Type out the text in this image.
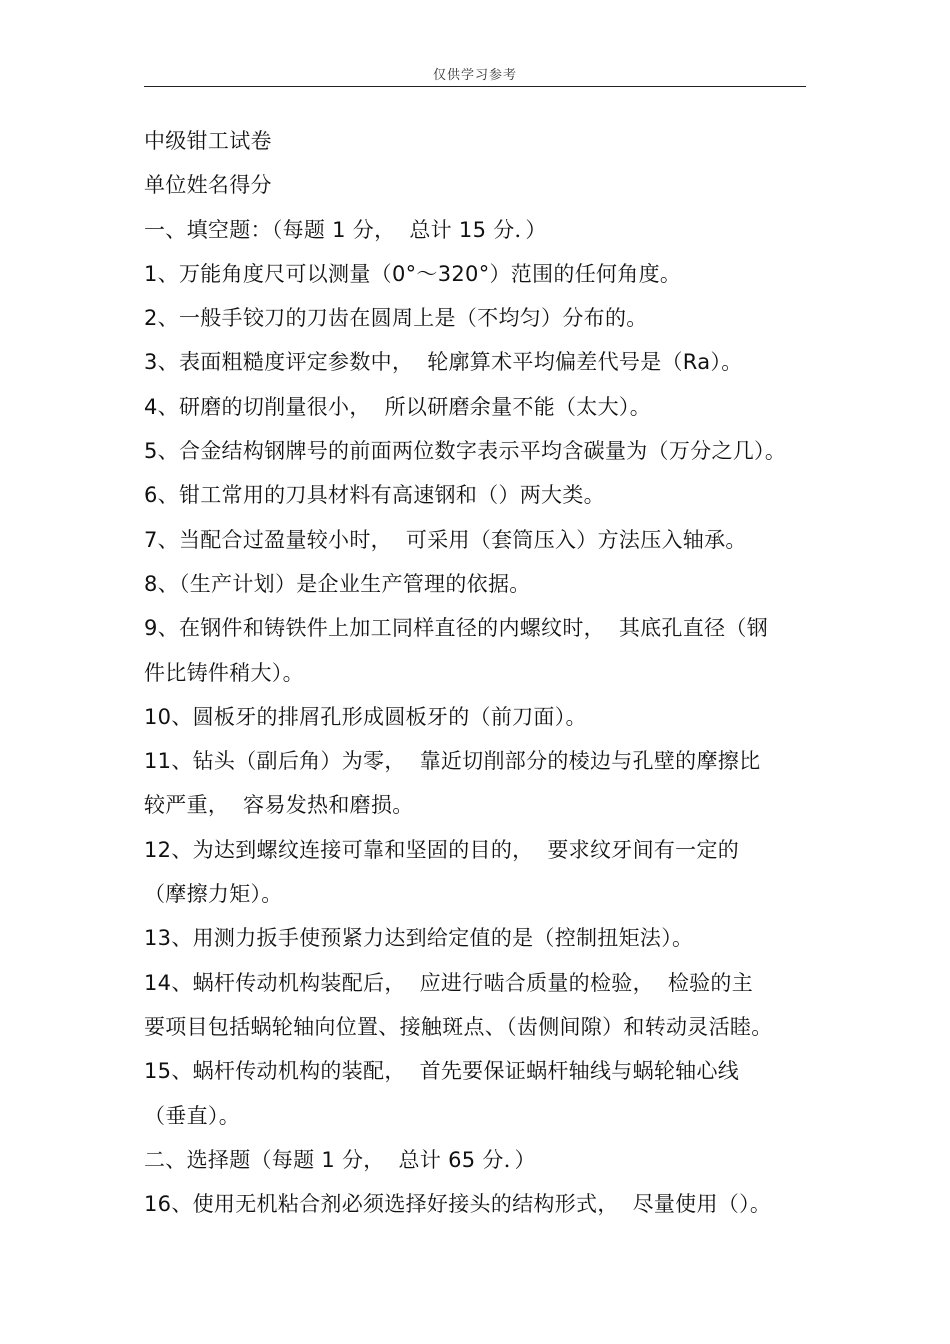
仅供学习参考
中级钳工试卷
单位姓名得分
一、填空题：（每题 1 分，  总计 15 分．）
1、万能角度尺可以测量（0°～320°）范围的任何角度。
2、一般手铰刀的刀齿在圆周上是（不均匀）分布的。
3、表面粗糙度评定参数中，  轮廓算术平均偏差代号是（Ra）。
4、研磨的切削量很小，  所以研磨余量不能（太大）。
5、合金结构钢牌号的前面两位数字表示平均含碳量为（万分之几）。
6、钳工常用的刀具材料有高速钢和（）两大类。
7、当配合过盈量较小时，  可采用（套筒压入）方法压入轴承。
8、（生产计划）是企业生产管理的依据。
9、在钢件和铸铁件上加工同样直径的内螺纹时，  其底孔直径（钢
件比铸件稍大）。
10、圆板牙的排屑孔形成圆板牙的（前刀面）。
11、钻头（副后角）为零，  靠近切削部分的棱边与孔壁的摩擦比
较严重，  容易发热和磨损。
12、为达到螺纹连接可靠和坚固的目的，  要求纹牙间有一定的
（摩擦力矩）。
13、用测力扳手使预紧力达到给定值的是（控制扭矩法）。
14、蜗杆传动机构装配后，  应进行啮合质量的检验，  检验的主
要项目包括蜗轮轴向位置、接触斑点、（齿侧间隙）和转动灵活睦。
15、蜗杆传动机构的装配，  首先要保证蜗杆轴线与蜗轮轴心线
（垂直）。
二、选择题（每题 1 分，  总计 65 分．）
16、使用无机粘合剂必须选择好接头的结构形式，  尽量使用（）。
